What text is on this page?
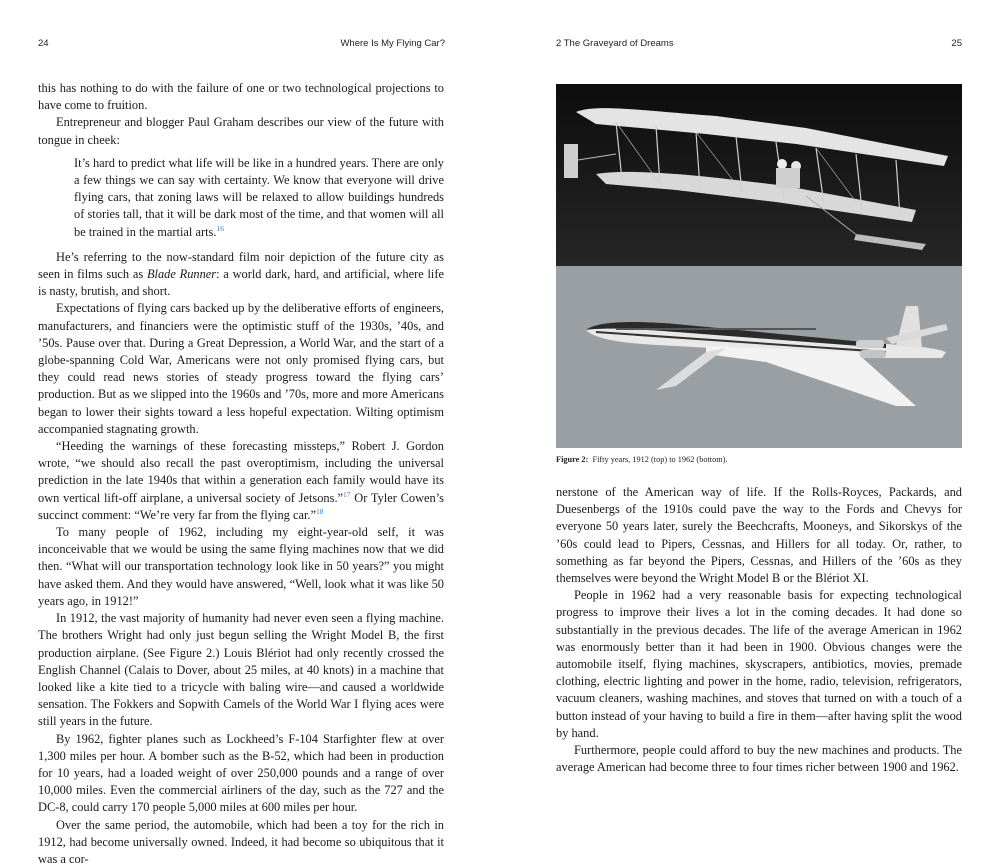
24	Where Is My Flying Car?

this has nothing to do with the failure of one or two technological projections to have come to fruition.

Entrepreneur and blogger Paul Graham describes our view of the future with tongue in cheek:

It’s hard to predict what life will be like in a hundred years. There are only a few things we can say with certainty. We know that everyone will drive flying cars, that zoning laws will be relaxed to allow buildings hundreds of stories tall, that it will be dark most of the time, and that women will all be trained in the martial arts.$^{16}$

He’s referring to the now-standard film noir depiction of the future city as seen in films such as Blade Runner: a world dark, hard, and artificial, where life is nasty, brutish, and short.

Expectations of flying cars backed up by the deliberative efforts of engineers, manufacturers, and financiers were the optimistic stuff of the 1930s, ’40s, and ’50s. Pause over that. During a Great Depression, a World War, and the start of a globe-spanning Cold War, Americans were not only promised flying cars, but they could read news stories of steady progress toward the flying cars’ production. But as we slipped into the 1960s and ’70s, more and more Americans began to lower their sights toward a less hopeful expectation. Wilting optimism accompanied stagnating growth.

“Heeding the warnings of these forecasting missteps,” Robert J. Gordon wrote, “we should also recall the past overoptimism, including the universal prediction in the late 1940s that within a generation each family would have its own vertical lift-off airplane, a universal society of Jetsons.”$^{17}$ Or Tyler Cowen’s succinct comment: “We’re very far from the flying car.”$^{18}$

To many people of 1962, including my eight-year-old self, it was inconceivable that we would be using the same flying machines now that we did then. “What will our transportation technology look like in 50 years?” you might have asked them. And they would have answered, “Well, look what it was like 50 years ago, in 1912!”

In 1912, the vast majority of humanity had never even seen a flying machine. The brothers Wright had only just begun selling the Wright Model B, the first production airplane. (See Figure 2.) Louis Blériot had only recently crossed the English Channel (Calais to Dover, about 25 miles, at 40 knots) in a machine that looked like a kite tied to a tricycle with baling wire—and caused a worldwide sensation. The Fokkers and Sopwith Camels of the World War I flying aces were still years in the future.

By 1962, fighter planes such as Lockheed’s F-104 Starfighter flew at over 1,300 miles per hour. A bomber such as the B-52, which had been in production for 10 years, had a loaded weight of over 250,000 pounds and a range of over 10,000 miles. Even the commercial airliners of the day, such as the 727 and the DC-8, could carry 170 people 5,000 miles at 600 miles per hour.

Over the same period, the automobile, which had been a toy for the rich in 1912, had become universally owned. Indeed, it had become so ubiquitous that it was a cor-

2 The Graveyard of Dreams	25
Figure 2: Fifty years, 1912 (top) to 1962 (bottom).

nerstone of the American way of life. If the Rolls-Royces, Packards, and Duesenbergs of the 1910s could pave the way to the Fords and Chevys for everyone 50 years later, surely the Beechcrafts, Mooneys, and Sikorskys of the ’60s could lead to Pipers, Cessnas, and Hillers for all today. Or, rather, to something as far beyond the Pipers, Cessnas, and Hillers of the ’60s as they themselves were beyond the Wright Model B or the Blériot XI.

People in 1962 had a very reasonable basis for expecting technological progress to improve their lives a lot in the coming decades. It had done so substantially in the previous decades. The life of the average American in 1962 was enormously better than it had been in 1900. Obvious changes were the automobile itself, flying machines, skyscrapers, antibiotics, movies, premade clothing, electric lighting and power in the home, radio, television, refrigerators, vacuum cleaners, washing machines, and stoves that turned on with a touch of a button instead of your having to build a fire in them—after having split the wood by hand.

Furthermore, people could afford to buy the new machines and products. The average American had become three to four times richer between 1900 and 1962.
